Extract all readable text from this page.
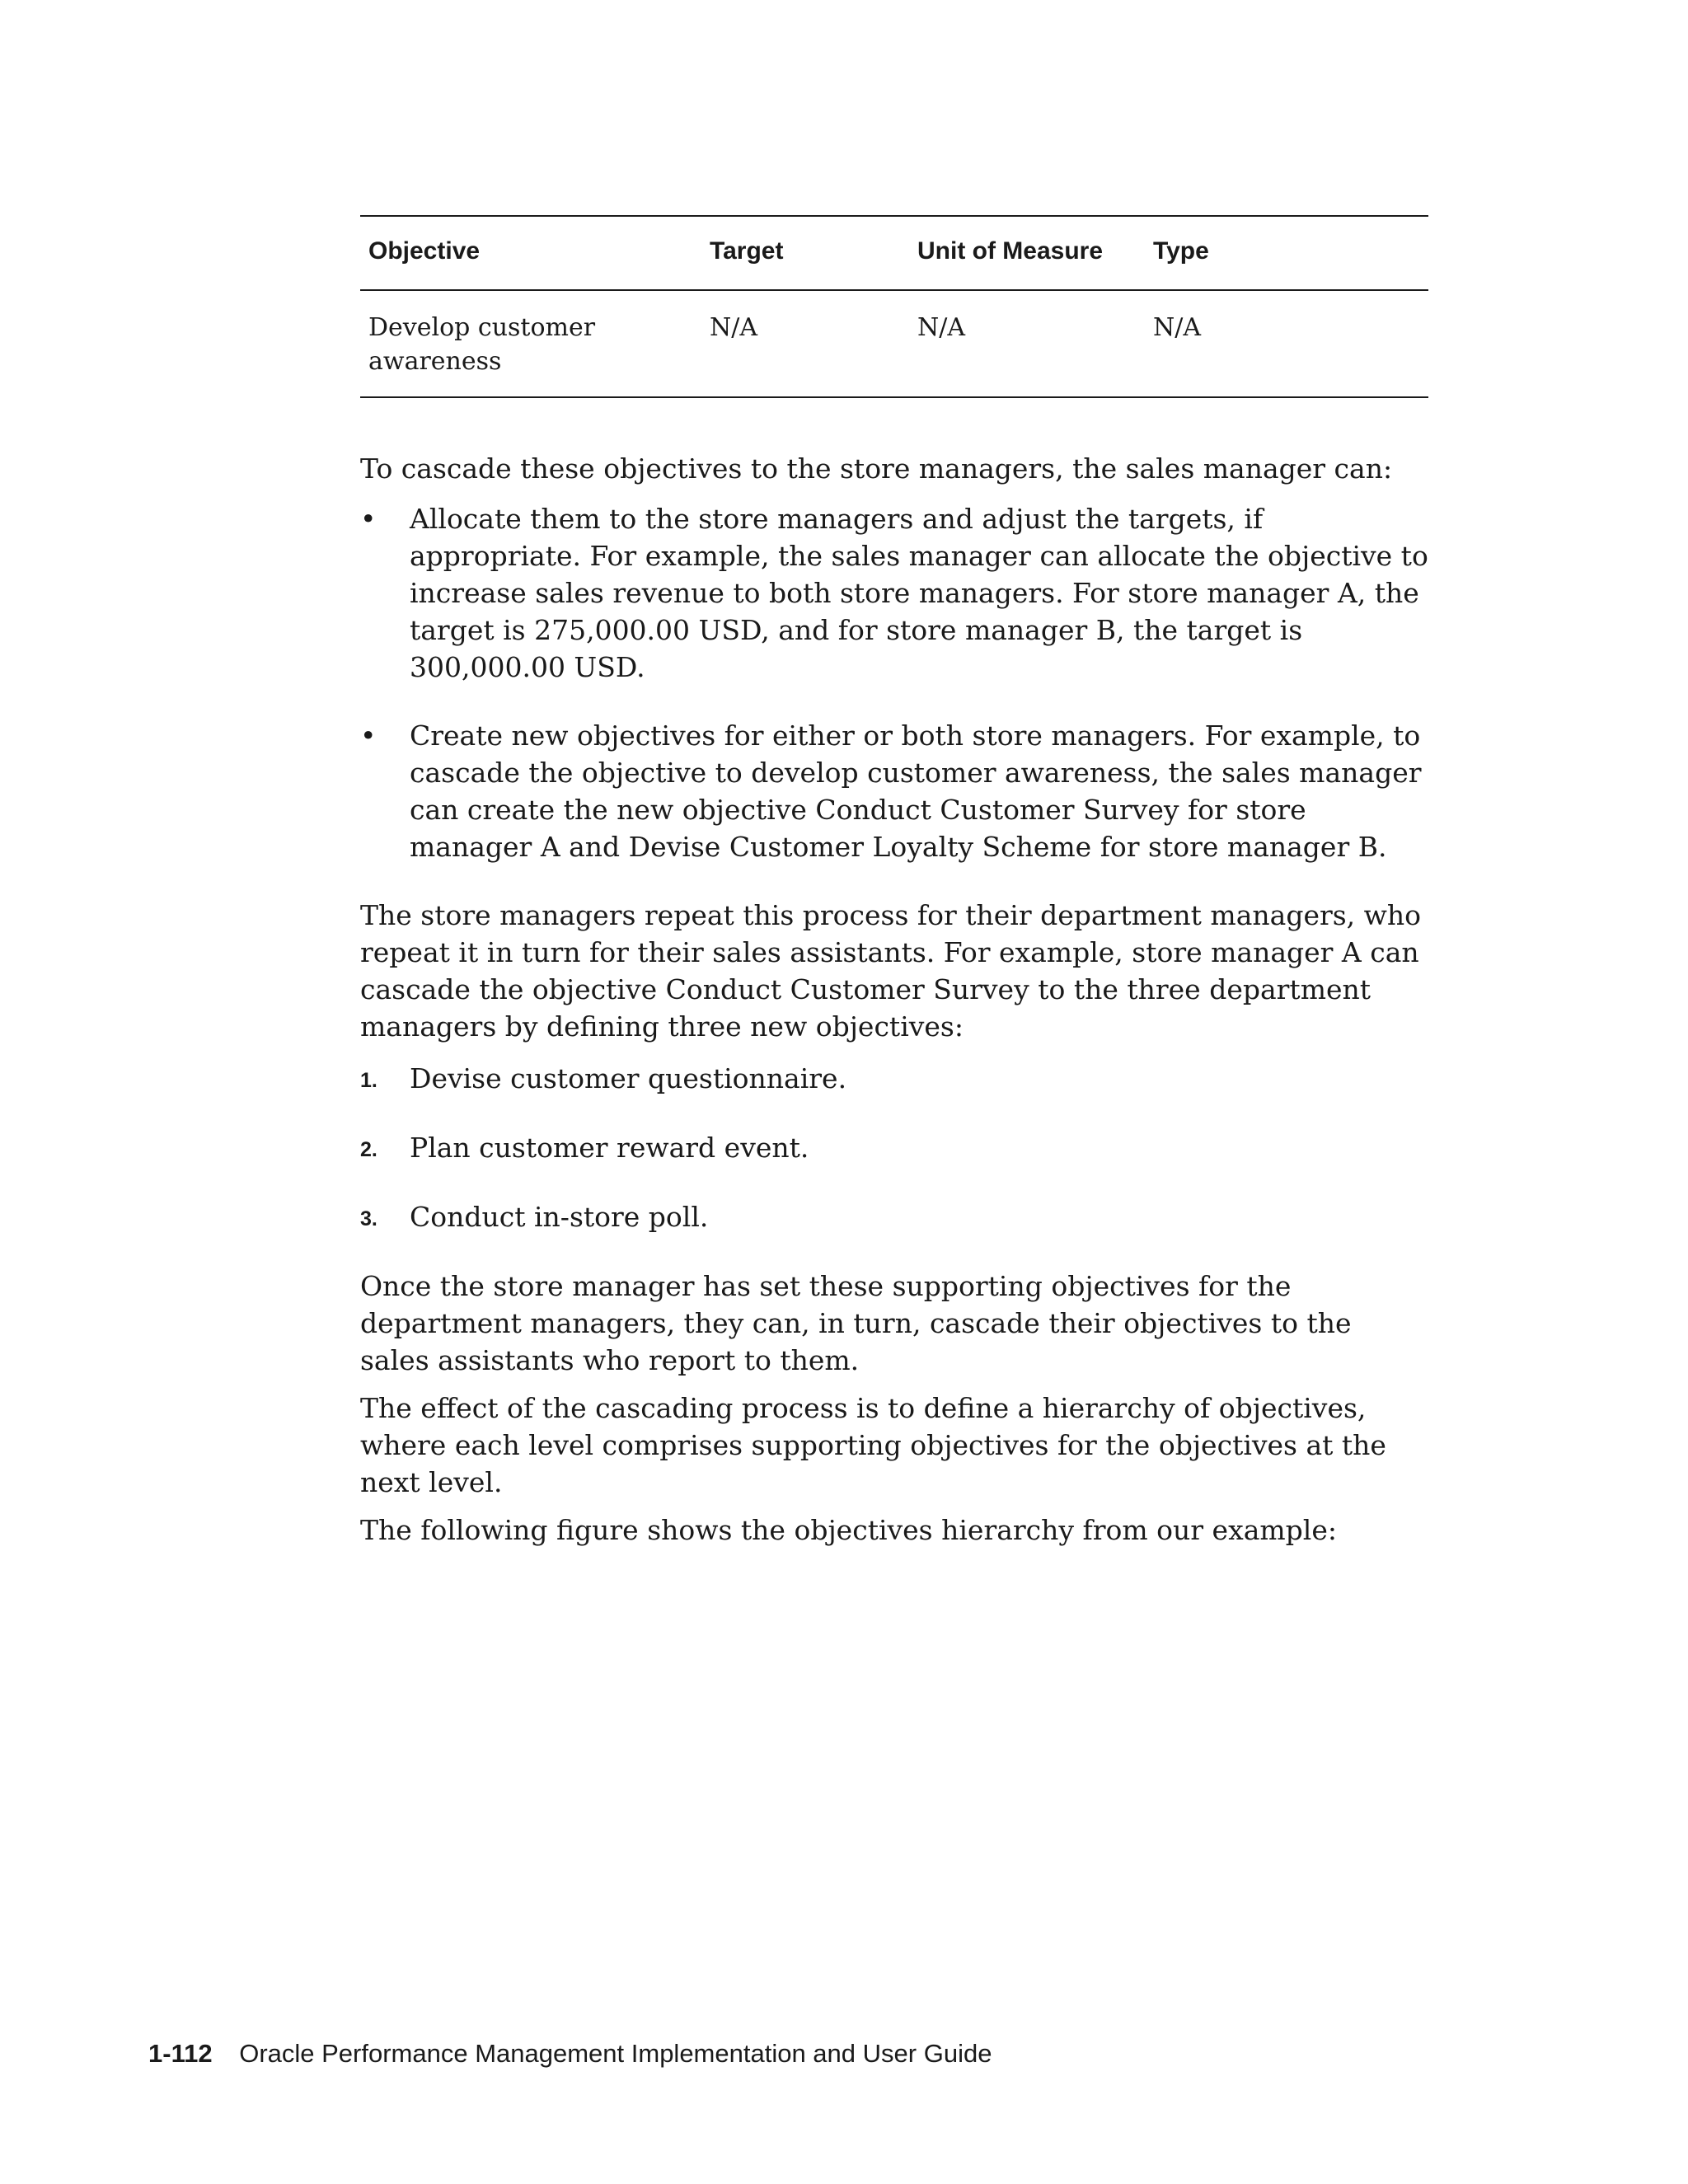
Objective	Target	Unit of Measure	Type
Develop customer awareness	N/A	N/A	N/A

To cascade these objectives to the store managers, the sales manager can:

•	Allocate them to the store managers and adjust the targets, if appropriate. For example, the sales manager can allocate the objective to increase sales revenue to both store managers. For store manager A, the target is 275,000.00 USD, and for store manager B, the target is 300,000.00 USD.
•	Create new objectives for either or both store managers. For example, to cascade the objective to develop customer awareness, the sales manager can create the new objective Conduct Customer Survey for store manager A and Devise Customer Loyalty Scheme for store manager B.

The store managers repeat this process for their department managers, who repeat it in turn for their sales assistants. For example, store manager A can cascade the objective Conduct Customer Survey to the three department managers by defining three new objectives:

1. Devise customer questionnaire.
2. Plan customer reward event.
3. Conduct in-store poll.

Once the store manager has set these supporting objectives for the department managers, they can, in turn, cascade their objectives to the sales assistants who report to them.

The effect of the cascading process is to define a hierarchy of objectives, where each level comprises supporting objectives for the objectives at the next level.

The following figure shows the objectives hierarchy from our example:

1-112 Oracle Performance Management Implementation and User Guide
